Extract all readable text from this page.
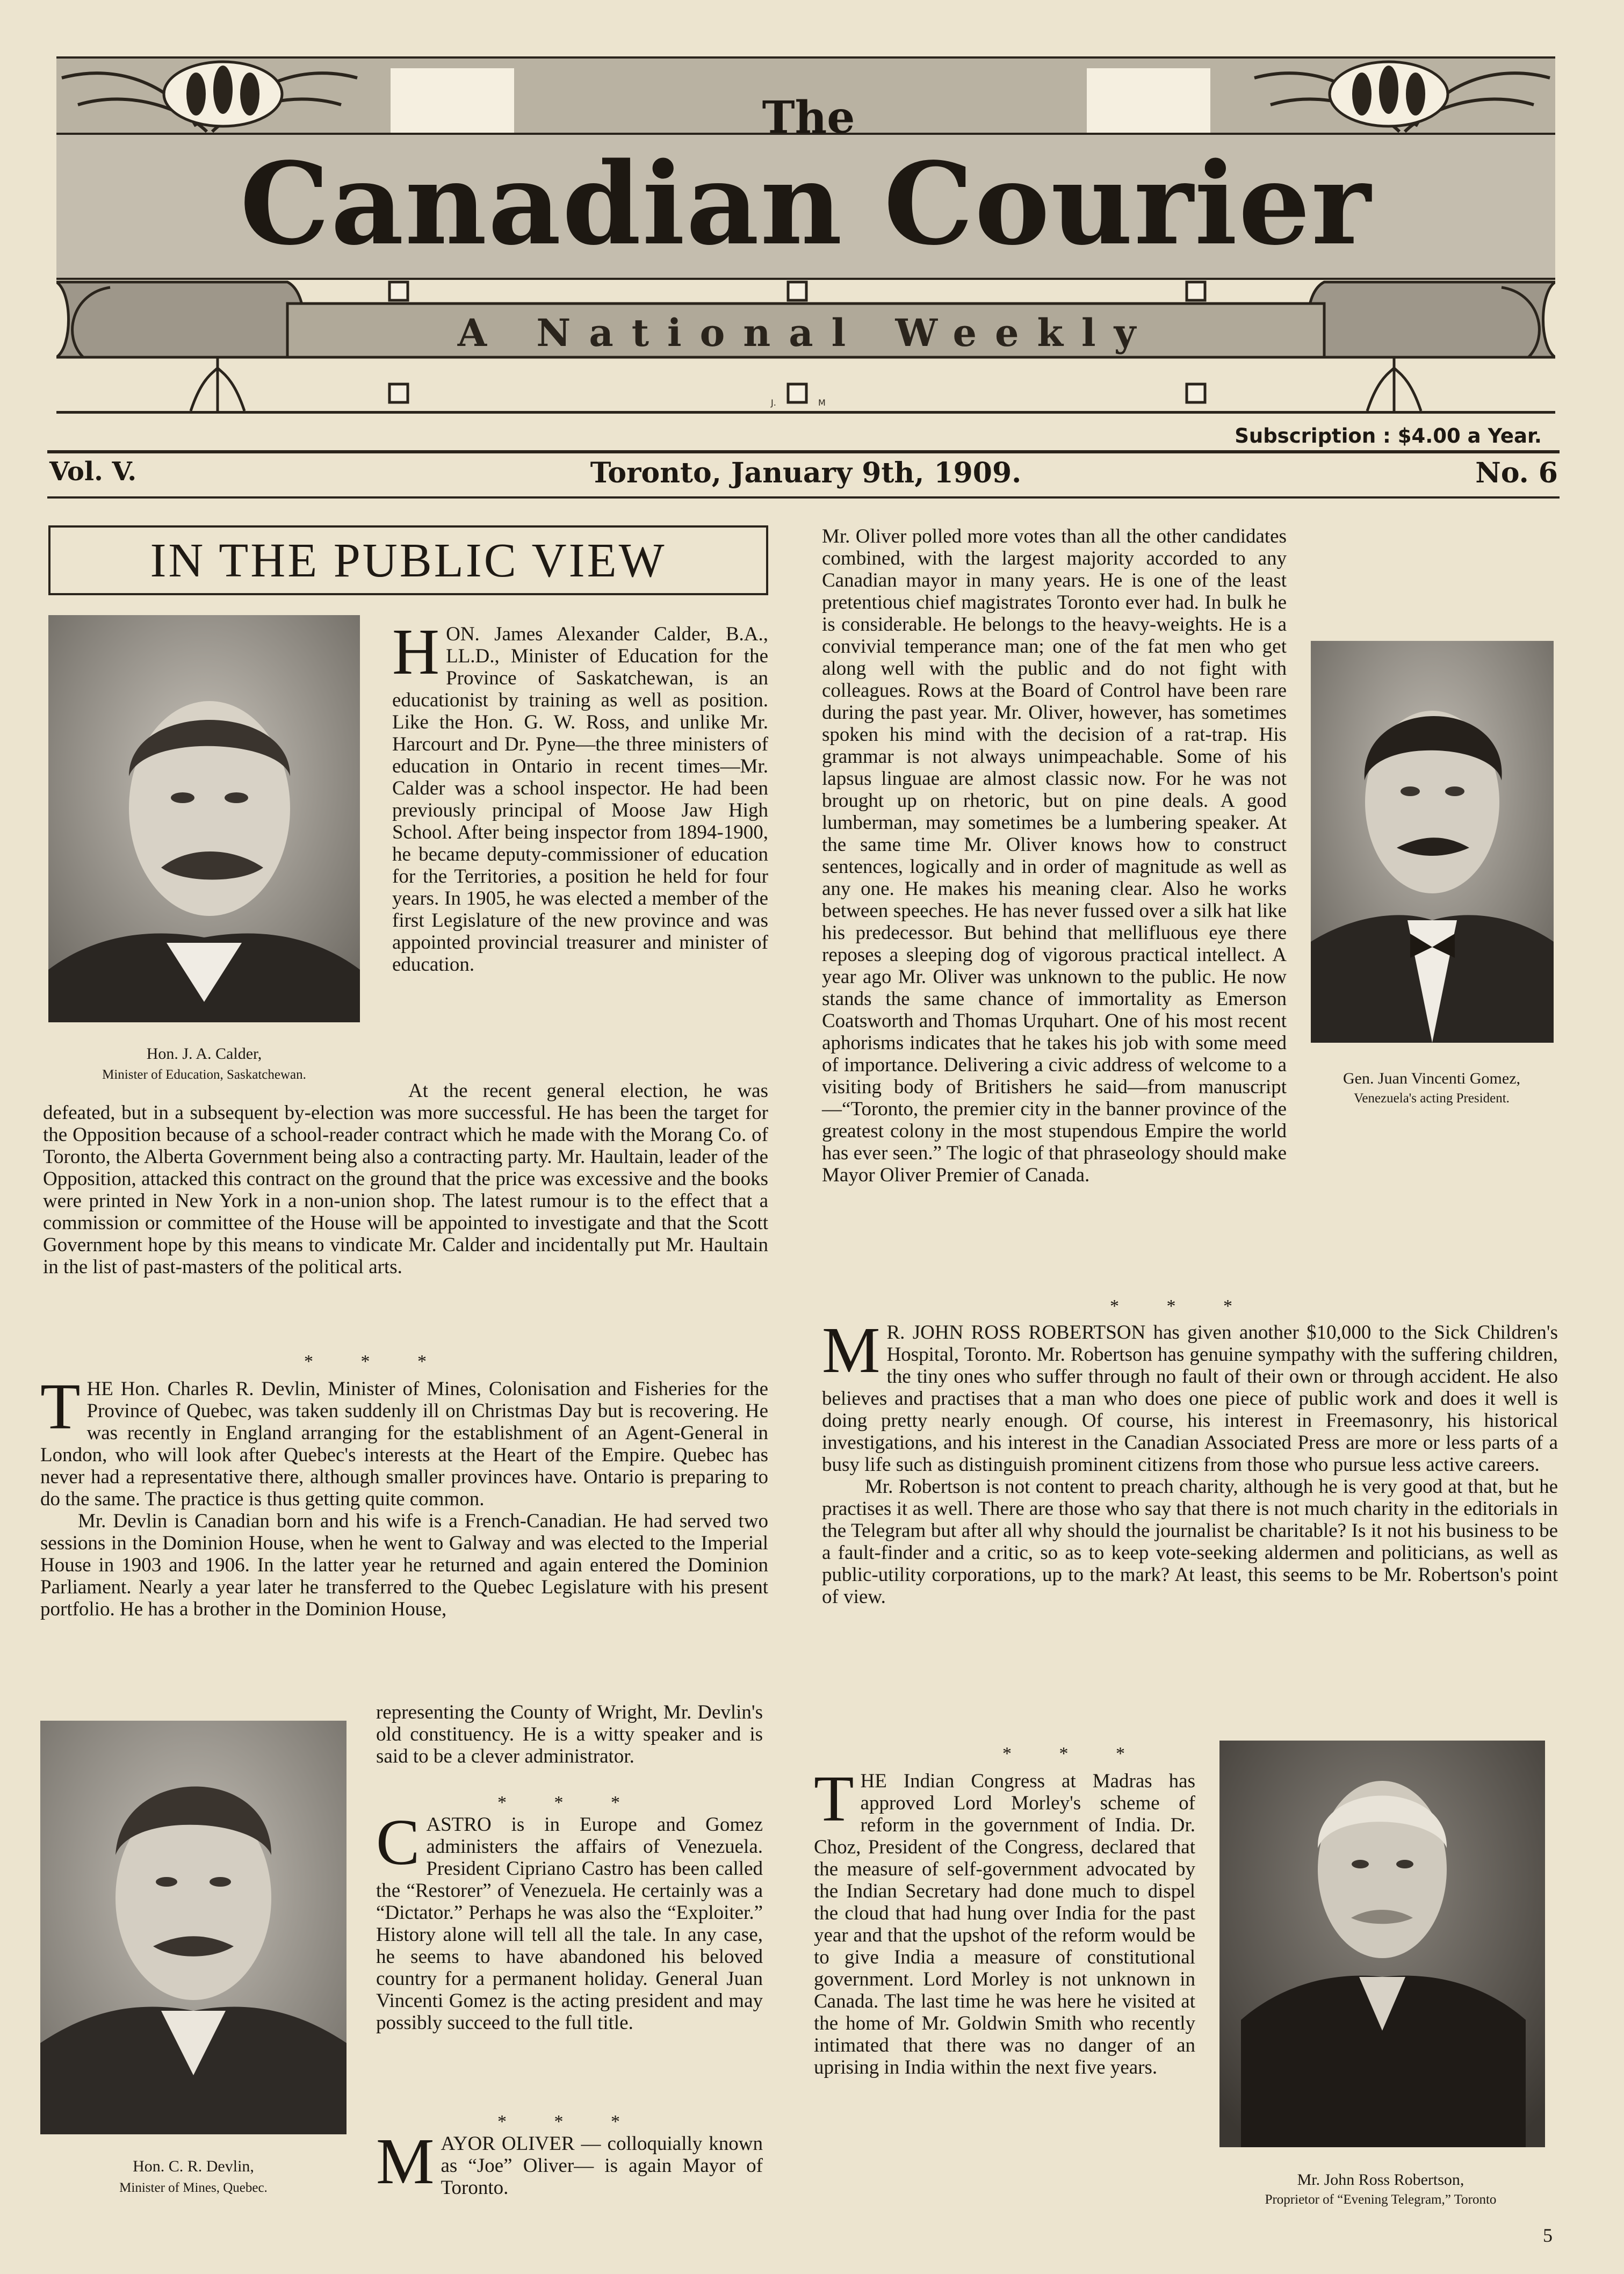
J.	M
The
Canadian Courier
A National Weekly
Subscription : $4.00 a Year.
Vol. V.	Toronto, January 9th, 1909.	No. 6
IN THE PUBLIC VIEW
Hon. J. A. Calder,
Minister of Education, Saskatchewan.	Gen. Juan Vincenti Gomez,
Venezuela's acting President.
Hon. C. R. Devlin,
Minister of Mines, Quebec.	Mr. John Ross Robertson,
Proprietor of “Evening Telegram,” Toronto
H ON. James Alexander Calder, B.A., LL.D., Minister of Education for the Province of Saskatchewan, is an educationist by training as well as position. Like the Hon. G. W. Ross, and unlike Mr. Harcourt and Dr. Pyne—the three ministers of education in Ontario in recent times—Mr. Calder was a school inspector. He had been previously principal of Moose Jaw High School. After being inspector from 1894-1900, he became deputy-commissioner of education for the Territories, a position he held for four years. In 1905, he was elected a member of the first Legislature of the new province and was appointed provincial treasurer and minister of education.
At the recent general election, he was defeated, but in a subsequent by-election was more successful. He has been the target for the Opposition because of a school-reader contract which he made with the Morang Co. of Toronto, the Alberta Government being also a contracting party. Mr. Haultain, leader of the Opposition, attacked this contract on the ground that the price was excessive and the books were printed in New York in a non-union shop. The latest rumour is to the effect that a commission or committee of the House will be appointed to investigate and that the Scott Government hope by this means to vindicate Mr. Calder and incidentally put Mr. Haultain in the list of past-masters of the political arts.
* * *
T HE Hon. Charles R. Devlin, Minister of Mines, Colonisation and Fisheries for the Province of Quebec, was taken suddenly ill on Christmas Day but is recovering. He was recently in England arranging for the establishment of an Agent-General in London, who will look after Quebec's interests at the Heart of the Empire. Quebec has never had a representative there, although smaller provinces have. Ontario is preparing to do the same. The practice is thus getting quite common.

Mr. Devlin is Canadian born and his wife is a French-Canadian. He had served two sessions in the Dominion House, when he went to Galway and was elected to the Imperial House in 1903 and 1906. In the latter year he returned and again entered the Dominion Parliament. Nearly a year later he transferred to the Quebec Legislature with his present portfolio. He has a brother in the Dominion House,

representing the County of Wright, Mr. Devlin's old constituency. He is a witty speaker and is said to be a clever administrator.
* * *
C ASTRO is in Europe and Gomez administers the affairs of Venezuela. President Cipriano Castro has been called the “Restorer” of Venezuela. He certainly was a “Dictator.” Perhaps he was also the “Exploiter.” History alone will tell all the tale. In any case, he seems to have abandoned his beloved country for a permanent holiday. General Juan Vincenti Gomez is the acting president and may possibly succeed to the full title.
* * *
M AYOR OLIVER — colloquially known as “Joe” Oliver— is again Mayor of Toronto.
Mr. Oliver polled more votes than all the other candidates combined, with the largest majority accorded to any Canadian mayor in many years. He is one of the least pretentious chief magistrates Toronto ever had. In bulk he is considerable. He belongs to the heavy-weights. He is a convivial temperance man; one of the fat men who get along well with the public and do not fight with colleagues. Rows at the Board of Control have been rare during the past year. Mr. Oliver, however, has sometimes spoken his mind with the decision of a rat-trap. His grammar is not always unimpeachable. Some of his lapsus linguae are almost classic now. For he was not brought up on rhetoric, but on pine deals. A good lumberman, may sometimes be a lumbering speaker. At the same time Mr. Oliver knows how to construct sentences, logically and in order of magnitude as well as any one. He makes his meaning clear. Also he works between speeches. He has never fussed over a silk hat like his predecessor. But behind that mellifluous eye there reposes a sleeping dog of vigorous practical intellect. A year ago Mr. Oliver was unknown to the public. He now stands the same chance of immortality as Emerson Coatsworth and Thomas Urquhart. One of his most recent aphorisms indicates that he takes his job with some meed of importance. Delivering a civic address of welcome to a visiting body of Britishers he said—from manuscript—“Toronto, the premier city in the banner province of the greatest colony in the most stupendous Empire the world has ever seen.” The logic of that phraseology should make Mayor Oliver Premier of Canada.
* * *
M R. JOHN ROSS ROBERTSON has given another $10,000 to the Sick Children's Hospital, Toronto. Mr. Robertson has genuine sympathy with the suffering children, the tiny ones who suffer through no fault of their own or through accident. He also believes and practises that a man who does one piece of public work and does it well is doing pretty nearly enough. Of course, his interest in Freemasonry, his historical investigations, and his interest in the Canadian Associated Press are more or less parts of a busy life such as distinguish prominent citizens from those who pursue less active careers.

Mr. Robertson is not content to preach charity, although he is very good at that, but he practises it as well. There are those who say that there is not much charity in the editorials in the Telegram but after all why should the journalist be charitable? Is it not his business to be a fault-finder and a critic, so as to keep vote-seeking aldermen and politicians, as well as public-utility corporations, up to the mark? At least, this seems to be Mr. Robertson's point of view.

* * *
T HE Indian Congress at Madras has approved Lord Morley's scheme of reform in the government of India. Dr. Choz, President of the Congress, declared that the measure of self-government advocated by the Indian Secretary had done much to dispel the cloud that had hung over India for the past year and that the upshot of the reform would be to give India a measure of constitutional government. Lord Morley is not unknown in Canada. The last time he was here he visited at the home of Mr. Goldwin Smith who recently intimated that there was no danger of an uprising in India within the next five years.
5
